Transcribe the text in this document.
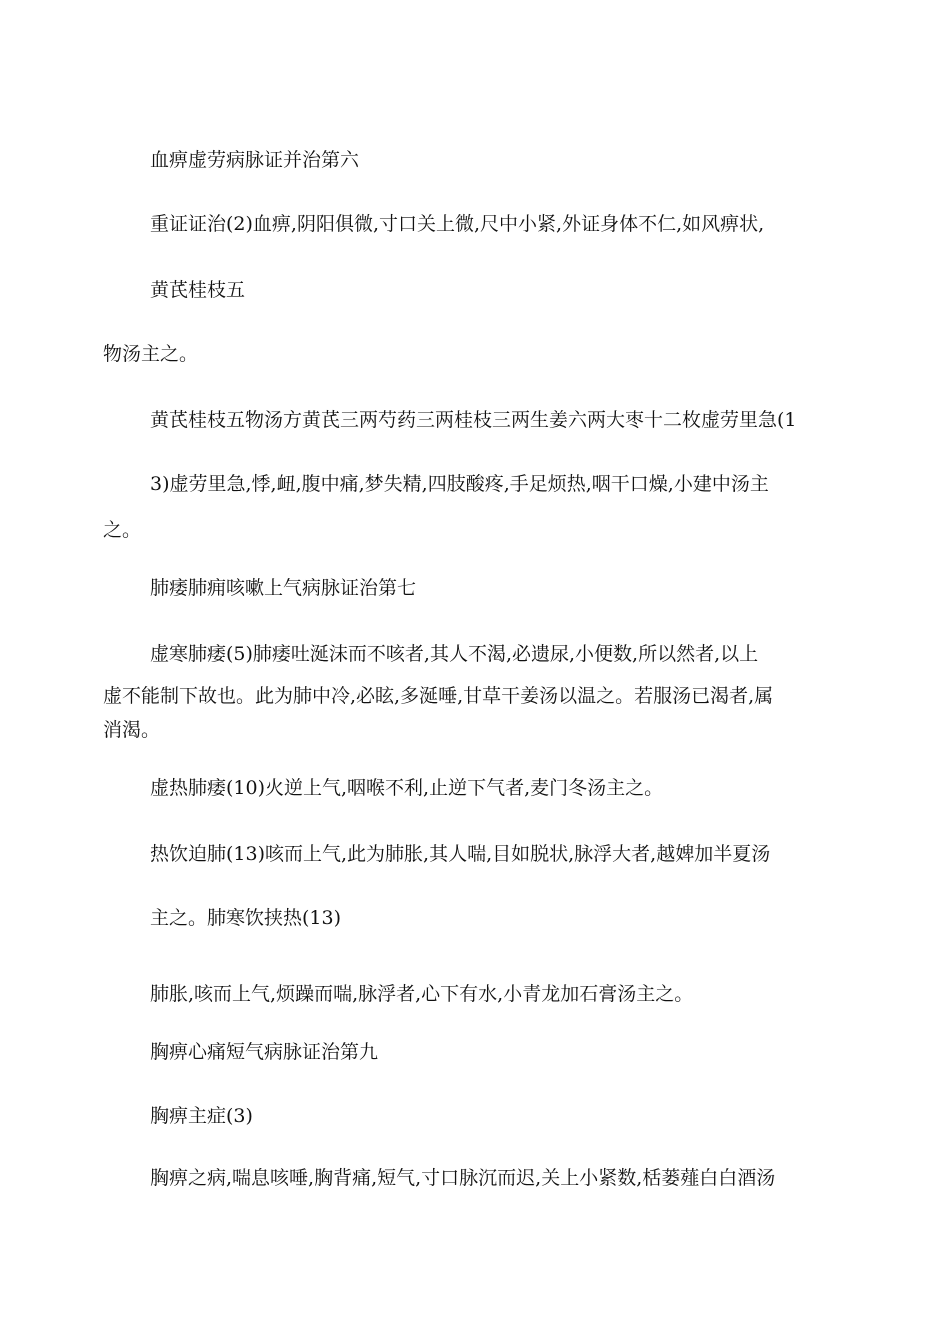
血痹虚劳病脉证并治第六

重证证治(2)血痹,阴阳俱微,寸口关上微,尺中小紧,外证身体不仁,如风痹状,

黄芪桂枝五

物汤主之。

黄芪桂枝五物汤方黄芪三两芍药三两桂枝三两生姜六两大枣十二枚虚劳里急(1

3)虚劳里急,悸,衄,腹中痛,梦失精,四肢酸疼,手足烦热,咽干口燥,小建中汤主

之。

肺痿肺痈咳嗽上气病脉证治第七

虚寒肺痿(5)肺痿吐涎沫而不咳者,其人不渴,必遗尿,小便数,所以然者,以上

虚不能制下故也。此为肺中冷,必眩,多涎唾,甘草干姜汤以温之。若服汤已渴者,属

消渴。

虚热肺痿(10)火逆上气,咽喉不利,止逆下气者,麦门冬汤主之。

热饮迫肺(13)咳而上气,此为肺胀,其人喘,目如脱状,脉浮大者,越婢加半夏汤

主之。肺寒饮挟热(13)

肺胀,咳而上气,烦躁而喘,脉浮者,心下有水,小青龙加石膏汤主之。

胸痹心痛短气病脉证治第九

胸痹主症(3)

胸痹之病,喘息咳唾,胸背痛,短气,寸口脉沉而迟,关上小紧数,栝蒌薤白白酒汤
